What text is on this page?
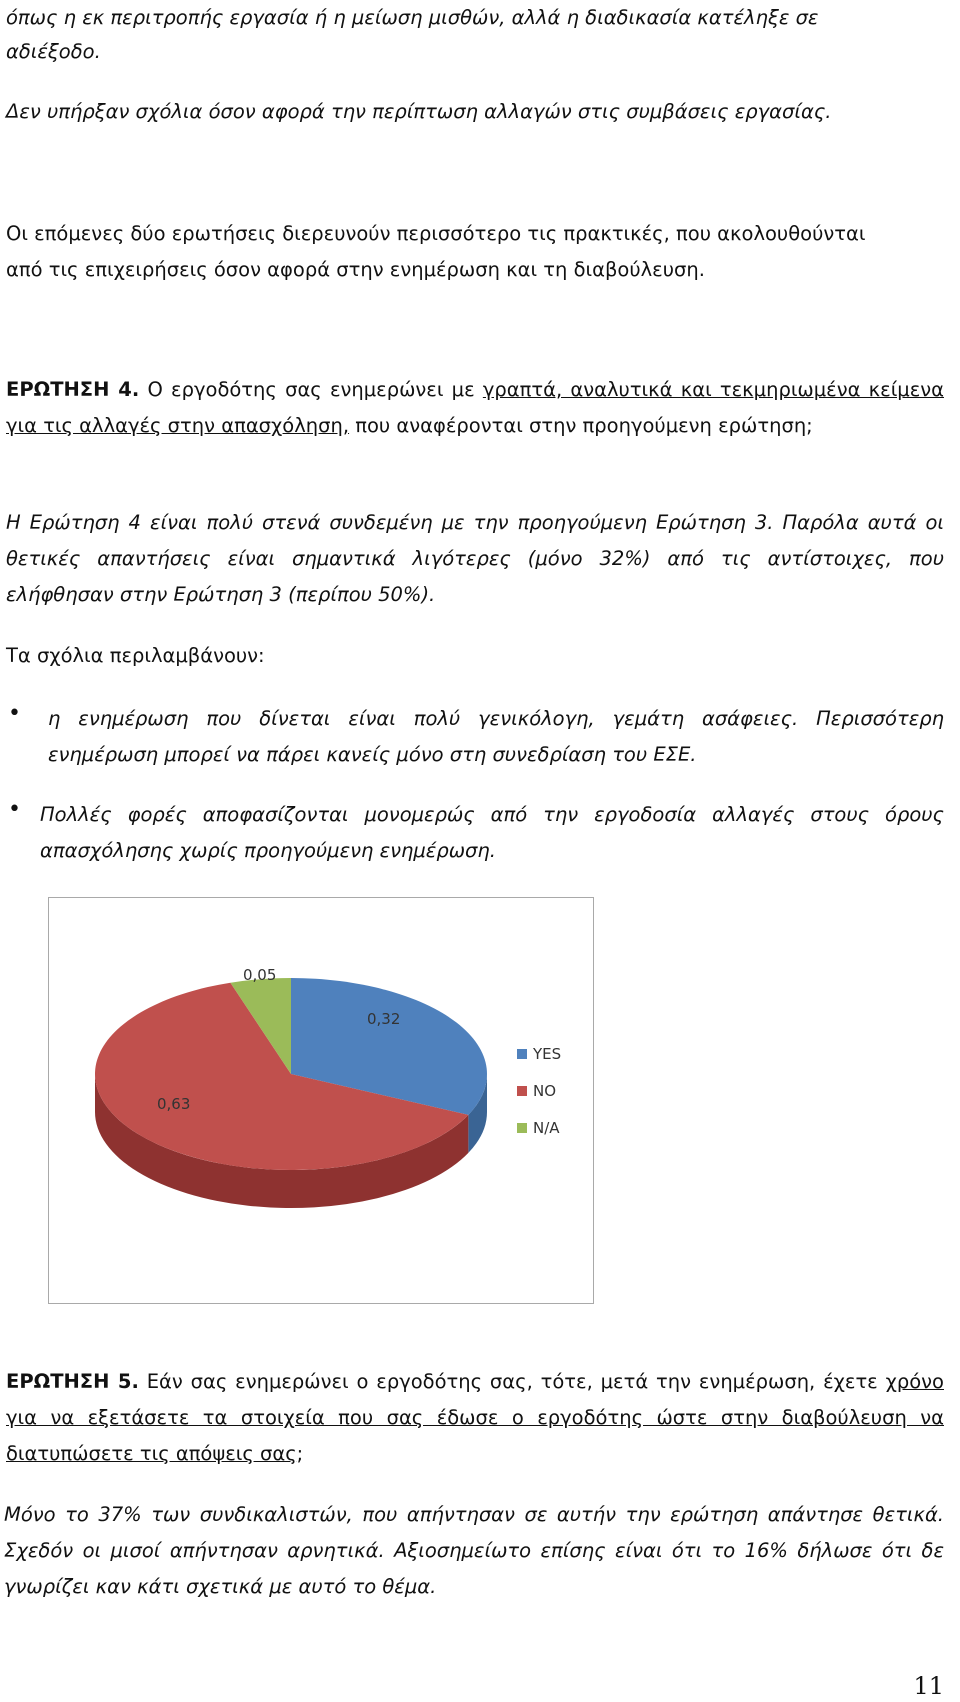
όπως η εκ περιτροπής εργασία ή η μείωση μισθών, αλλά η διαδικασία κατέληξε σε

αδιέξοδο.

Δεν υπήρξαν σχόλια όσον αφορά την περίπτωση αλλαγών στις συμβάσεις εργασίας.

Οι επόμενες δύο ερωτήσεις διερευνούν περισσότερο τις πρακτικές, που ακολουθούνται

από τις επιχειρήσεις όσον αφορά στην ενημέρωση και τη διαβούλευση.

ΕΡΩΤΗΣΗ 4. Ο εργοδότης σας ενημερώνει με γραπτά, αναλυτικά και τεκμηριωμένα κείμενα για τις αλλαγές στην απασχόληση, που αναφέρονται στην προηγούμενη ερώτηση;

Η Ερώτηση 4 είναι πολύ στενά συνδεμένη με την προηγούμενη Ερώτηση 3. Παρόλα αυτά οι θετικές απαντήσεις είναι σημαντικά λιγότερες (μόνο 32%) από τις αντίστοιχες, που ελήφθησαν στην Ερώτηση 3 (περίπου 50%).

Τα σχόλια περιλαμβάνουν:

• η ενημέρωση που δίνεται είναι πολύ γενικόλογη, γεμάτη ασάφειες. Περισσότερη ενημέρωση μπορεί να πάρει κανείς μόνο στη συνεδρίαση του ΕΣΕ.

• Πολλές φορές αποφασίζονται μονομερώς από την εργοδοσία αλλαγές στους όρους απασχόλησης χωρίς προηγούμενη ενημέρωση.

0,32
0,63
0,05
YES
NO
N/A

ΕΡΩΤΗΣΗ 5. Εάν σας ενημερώνει ο εργοδότης σας, τότε, μετά την ενημέρωση, έχετε χρόνο για να εξετάσετε τα στοιχεία που σας έδωσε ο εργοδότης ώστε στην διαβούλευση να διατυπώσετε τις απόψεις σας;

Μόνο το 37% των συνδικαλιστών, που απήντησαν σε αυτήν την ερώτηση απάντησε θετικά. Σχεδόν οι μισοί απήντησαν αρνητικά. Αξιοσημείωτο επίσης είναι ότι το 16% δήλωσε ότι δε γνωρίζει καν κάτι σχετικά με αυτό το θέμα.

11
